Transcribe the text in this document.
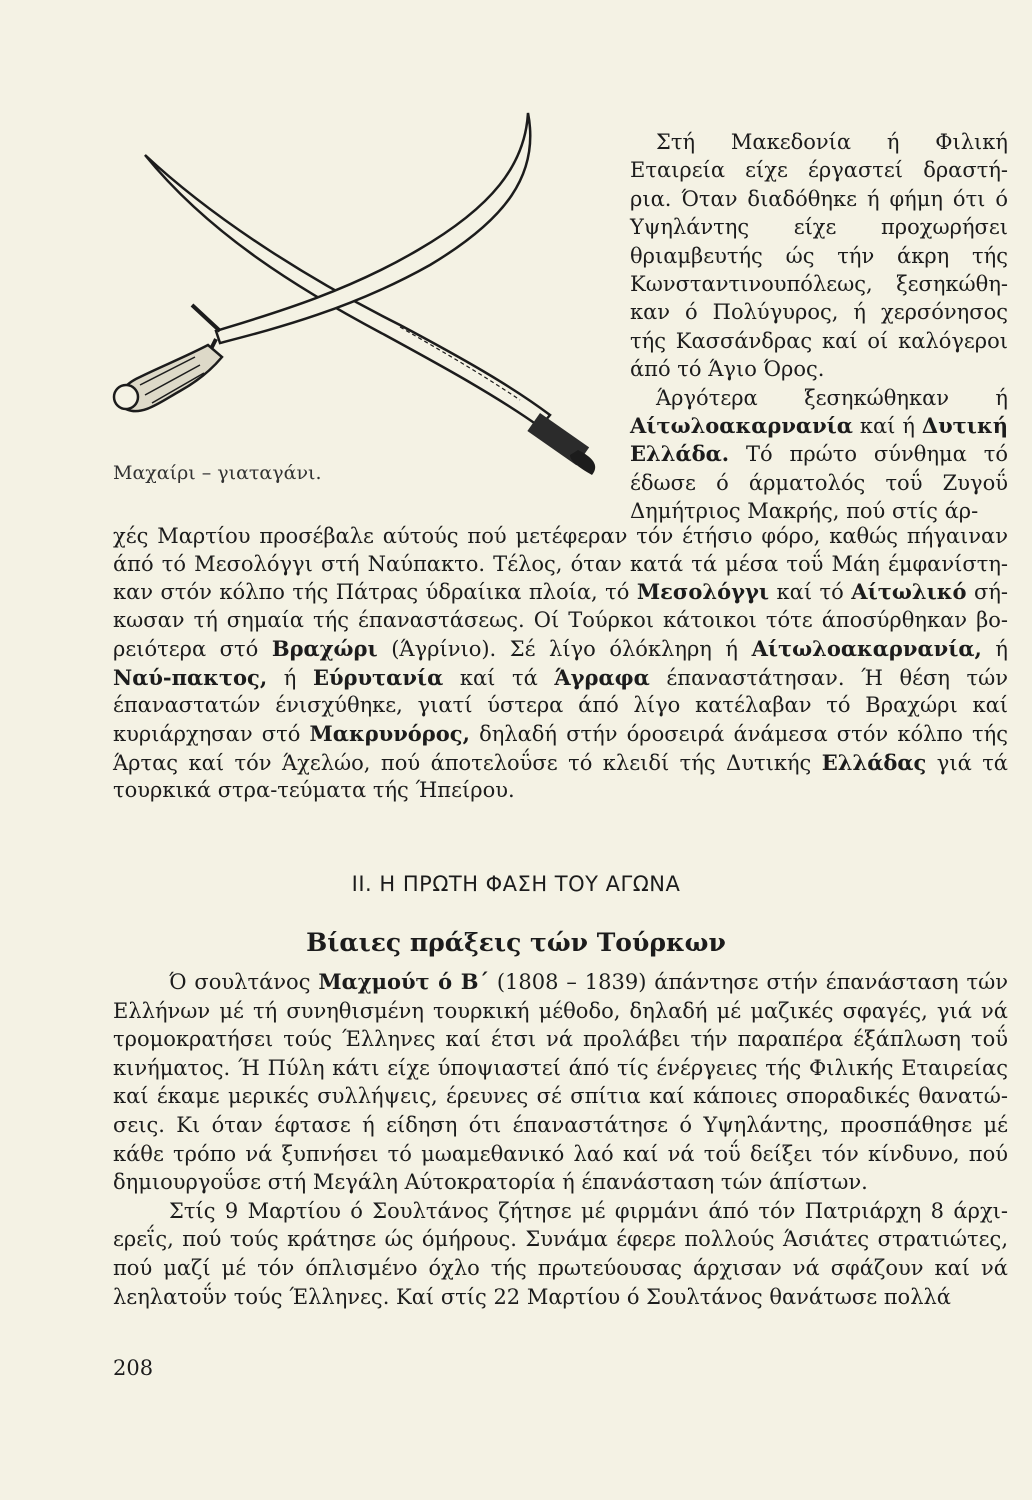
Μαχαίρι – γιαταγάνι.

Στή Μακεδονία ή Φιλική Εταιρεία είχε έργαστεί δραστή-ρια. Όταν διαδόθηκε ή φήμη ότι ό Υψηλάντης είχε προχωρήσει θριαμβευτής ώς τήν άκρη τής Κωνσταντινουπόλεως, ξεσηκώθη-καν ό Πολύγυρος, ή χερσόνησος τής Κασσάνδρας καί οί καλόγεροι άπό τό Άγιο Όρος.

Άργότερα ξεσηκώθηκαν ή Αίτωλοακαρνανία καί ή Δυτική Ελλάδα. Τό πρώτο σύνθημα τό έδωσε ό άρματολός τοΰ Ζυγοΰ Δημήτριος Μακρής, πού στίς άρ-

χές Μαρτίου προσέβαλε αύτούς πού μετέφεραν τόν έτήσιο φόρο, καθώς πήγαιναν άπό τό Μεσολόγγι στή Ναύπακτο. Τέλος, όταν κατά τά μέσα τοΰ Μάη έμφανίστη-καν στόν κόλπο τής Πάτρας ύδραίικα πλοία, τό Μεσολόγγι καί τό Αίτωλικό σή-κωσαν τή σημαία τής έπαναστάσεως. Οί Τούρκοι κάτοικοι τότε άποσύρθηκαν βο-ρειότερα στό Βραχώρι (Άγρίνιο). Σέ λίγο όλόκληρη ή Αίτωλοακαρνανία, ή Ναύ-πακτος, ή Εύρυτανία καί τά Άγραφα έπαναστάτησαν. Ή θέση τών έπαναστατών ένισχύθηκε, γιατί ύστερα άπό λίγο κατέλαβαν τό Βραχώρι καί κυριάρχησαν στό Μακρυνόρος, δηλαδή στήν όροσειρά άνάμεσα στόν κόλπο τής Άρτας καί τόν Άχελώο, πού άποτελοΰσε τό κλειδί τής Δυτικής Ελλάδας γιά τά τουρκικά στρα-τεύματα τής Ήπείρου.

II. Η ΠΡΩΤΗ ΦΑΣΗ ΤΟΥ ΑΓΩΝΑ
Βίαιες πράξεις τών Τούρκων

Ό σουλτάνος Μαχμούτ ό Β΄ (1808 – 1839) άπάντησε στήν έπανάσταση τών Ελλήνων μέ τή συνηθισμένη τουρκική μέθοδο, δηλαδή μέ μαζικές σφαγές, γιά νά τρομοκρατήσει τούς Έλληνες καί έτσι νά προλάβει τήν παραπέρα έξάπλωση τοΰ κινήματος. Ή Πύλη κάτι είχε ύποψιαστεί άπό τίς ένέργειες τής Φιλικής Εταιρείας καί έκαμε μερικές συλλήψεις, έρευνες σέ σπίτια καί κάποιες σποραδικές θανατώ-σεις. Κι όταν έφτασε ή είδηση ότι έπαναστάτησε ό Υψηλάντης, προσπάθησε μέ κάθε τρόπο νά ξυπνήσει τό μωαμεθανικό λαό καί νά τοΰ δείξει τόν κίνδυνο, πού δημιουργοΰσε στή Μεγάλη Αύτοκρατορία ή έπανάσταση τών άπίστων.

Στίς 9 Μαρτίου ό Σουλτάνος ζήτησε μέ φιρμάνι άπό τόν Πατριάρχη 8 άρχι-ερεΐς, πού τούς κράτησε ώς όμήρους. Συνάμα έφερε πολλούς Άσιάτες στρατιώτες, πού μαζί μέ τόν όπλισμένο όχλο τής πρωτεύουσας άρχισαν νά σφάζουν καί νά λεηλατοΰν τούς Έλληνες. Καί στίς 22 Μαρτίου ό Σουλτάνος θανάτωσε πολλά

208
